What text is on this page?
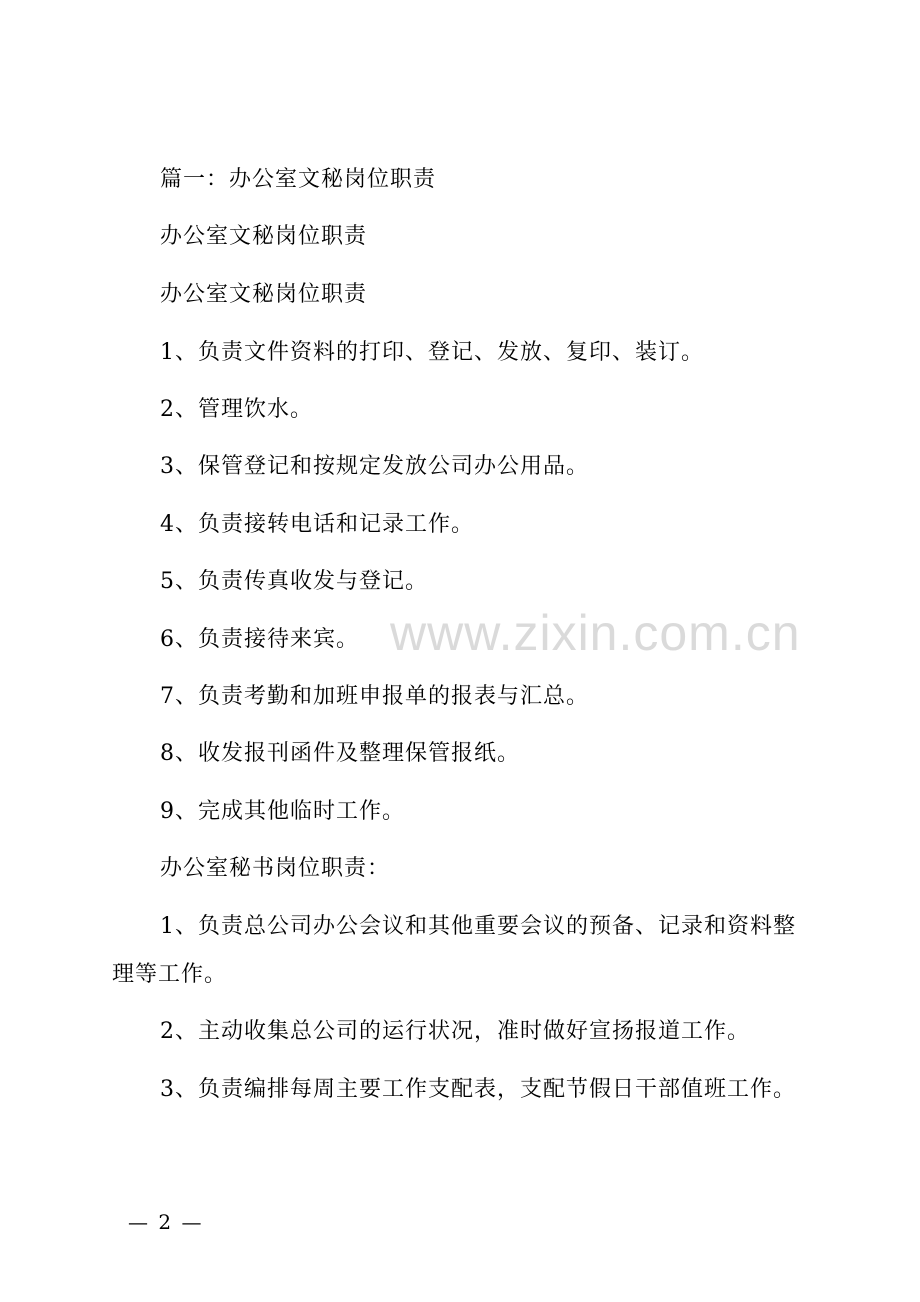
篇一：办公室文秘岗位职责
办公室文秘岗位职责
办公室文秘岗位职责
1、负责文件资料的打印、登记、发放、复印、装订。
2、管理饮水。
3、保管登记和按规定发放公司办公用品。
4、负责接转电话和记录工作。
5、负责传真收发与登记。
6、负责接待来宾。
7、负责考勤和加班申报单的报表与汇总。
8、收发报刊函件及整理保管报纸。
9、完成其他临时工作。
办公室秘书岗位职责：
1、负责总公司办公会议和其他重要会议的预备、记录和资料整
理等工作。
2、主动收集总公司的运行状况，准时做好宣扬报道工作。
3、负责编排每周主要工作支配表，支配节假日干部值班工作。
www.zixin.com.cn
— 2 —
